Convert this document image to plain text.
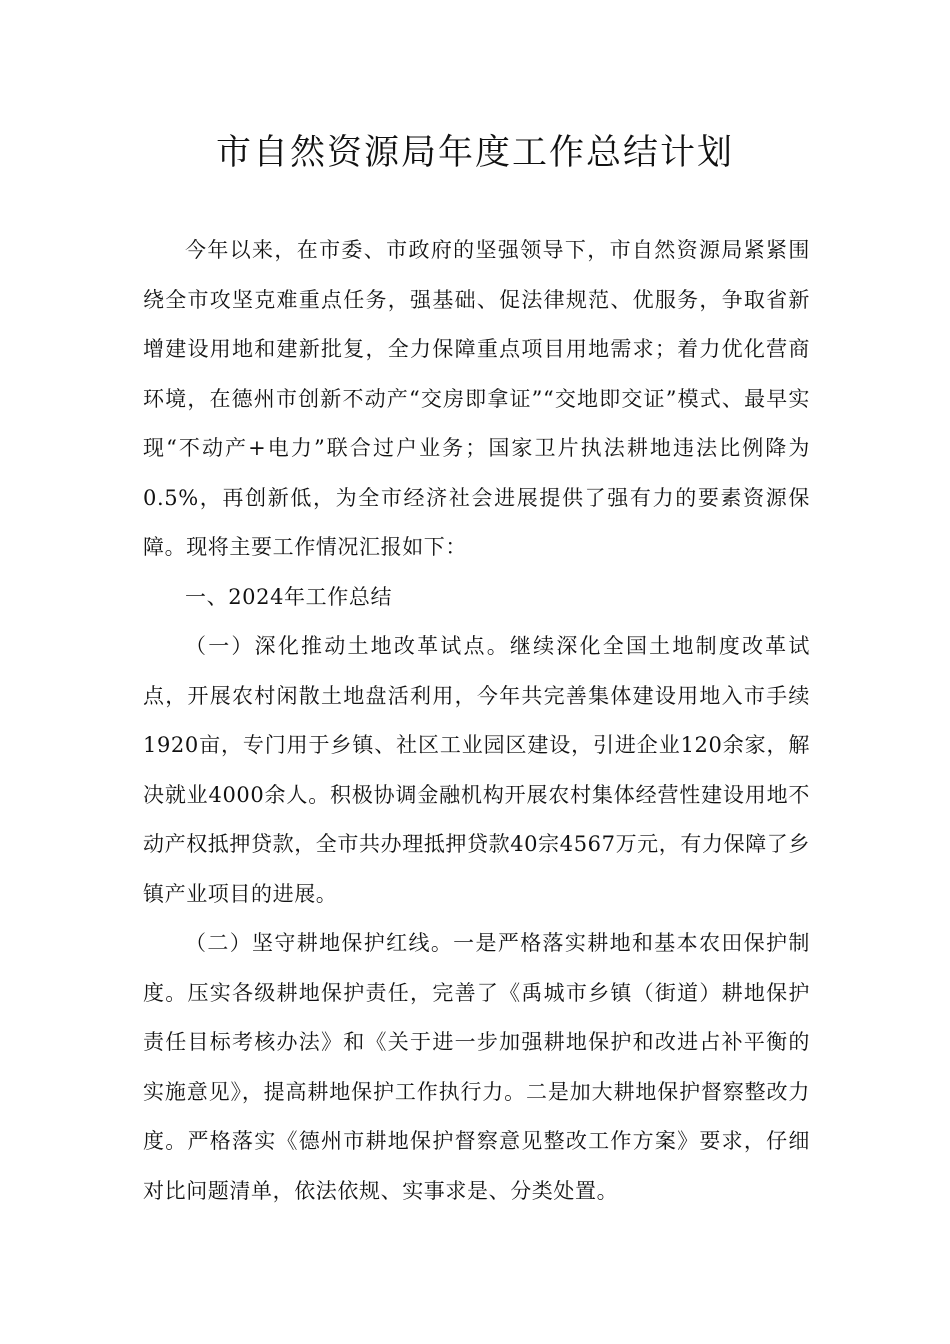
市自然资源局年度工作总结计划

今年以来，在市委、市政府的坚强领导下，市自然资源局紧紧围绕全市攻坚克难重点任务，强基础、促法律规范、优服务，争取省新增建设用地和建新批复，全力保障重点项目用地需求；着力优化营商环境，在德州市创新不动产“交房即拿证”“交地即交证”模式、最早实现“不动产+电力”联合过户业务；国家卫片执法耕地违法比例降为0.5%，再创新低，为全市经济社会进展提供了强有力的要素资源保障。现将主要工作情况汇报如下：

一、2024年工作总结

（一）深化推动土地改革试点。继续深化全国土地制度改革试点，开展农村闲散土地盘活利用，今年共完善集体建设用地入市手续1920亩，专门用于乡镇、社区工业园区建设，引进企业120余家，解决就业4000余人。积极协调金融机构开展农村集体经营性建设用地不动产权抵押贷款，全市共办理抵押贷款40宗4567万元，有力保障了乡镇产业项目的进展。

（二）坚守耕地保护红线。一是严格落实耕地和基本农田保护制度。压实各级耕地保护责任，完善了《禹城市乡镇（街道）耕地保护责任目标考核办法》和《关于进一步加强耕地保护和改进占补平衡的实施意见》，提高耕地保护工作执行力。二是加大耕地保护督察整改力度。严格落实《德州市耕地保护督察意见整改工作方案》要求，仔细对比问题清单，依法依规、实事求是、分类处置。
